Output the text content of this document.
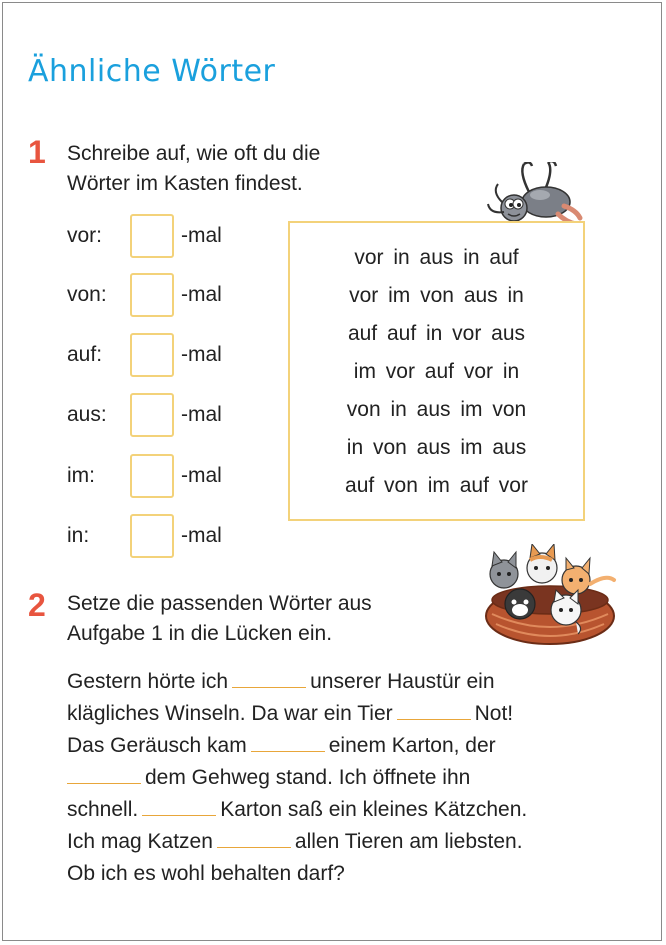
Ähnliche Wörter
1 Schreibe auf, wie oft du die
Wörter im Kasten findest.
vor:	-mal
von:	-mal
auf:	-mal
aus:	-mal
im:	-mal
in:	-mal
vor in aus in auf
vor im von aus in
auf auf in vor aus
im vor auf vor in
von in aus im von
in von aus im aus
auf von im auf vor
2 Setze die passenden Wörter aus
Aufgabe 1 in die Lücken ein.
Gestern hörte ich	unserer Haustür ein
klägliches Winseln. Da war ein Tier	Not!
Das Geräusch kam	einem Karton, der
dem Gehweg stand. Ich öffnete ihn
schnell.	Karton saß ein kleines Kätzchen.
Ich mag Katzen	allen Tieren am liebsten.
Ob ich es wohl behalten darf?
